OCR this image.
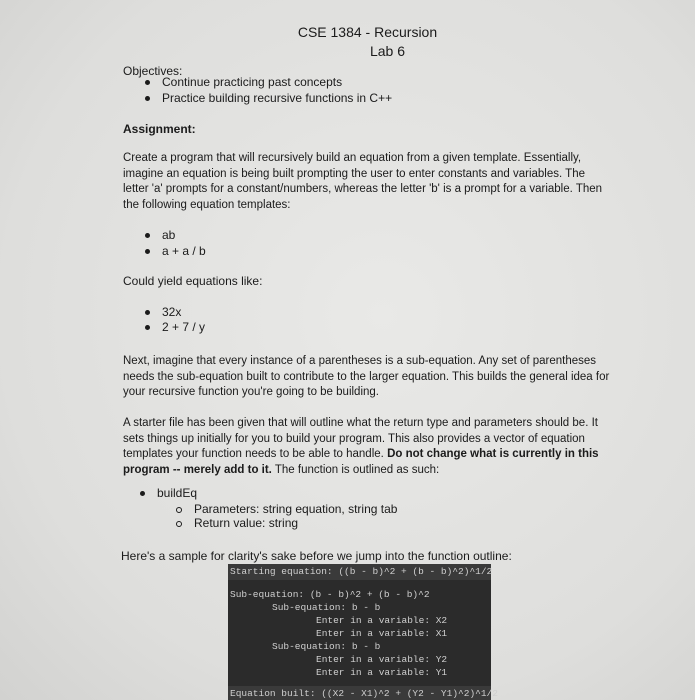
CSE 1384 - Recursion
Lab 6
Objectives:
Continue practicing past concepts
Practice building recursive functions in C++
Assignment:
Create a program that will recursively build an equation from a given template. Essentially,
imagine an equation is being built prompting the user to enter constants and variables. The
letter 'a' prompts for a constant/numbers, whereas the letter 'b' is a prompt for a variable. Then
the following equation templates:
ab
a + a / b
Could yield equations like:
32x
2 + 7 / y
Next, imagine that every instance of a parentheses is a sub-equation. Any set of parentheses
needs the sub-equation built to contribute to the larger equation. This builds the general idea for
your recursive function you're going to be building.
A starter file has been given that will outline what the return type and parameters should be. It
sets things up initially for you to build your program. This also provides a vector of equation
templates your function needs to be able to handle. Do not change what is currently in this
program -- merely add to it. The function is outlined as such:
buildEq
Parameters: string equation, string tab
Return value: string
Here's a sample for clarity's sake before we jump into the function outline:
Starting equation: ((b - b)^2 + (b - b)^2)^1/2
Sub-equation: (b - b)^2 + (b - b)^2
Sub-equation: b - b
Enter in a variable: X2
Enter in a variable: X1
Sub-equation: b - b
Enter in a variable: Y2
Enter in a variable: Y1
Equation built: ((X2 - X1)^2 + (Y2 - Y1)^2)^1/2
